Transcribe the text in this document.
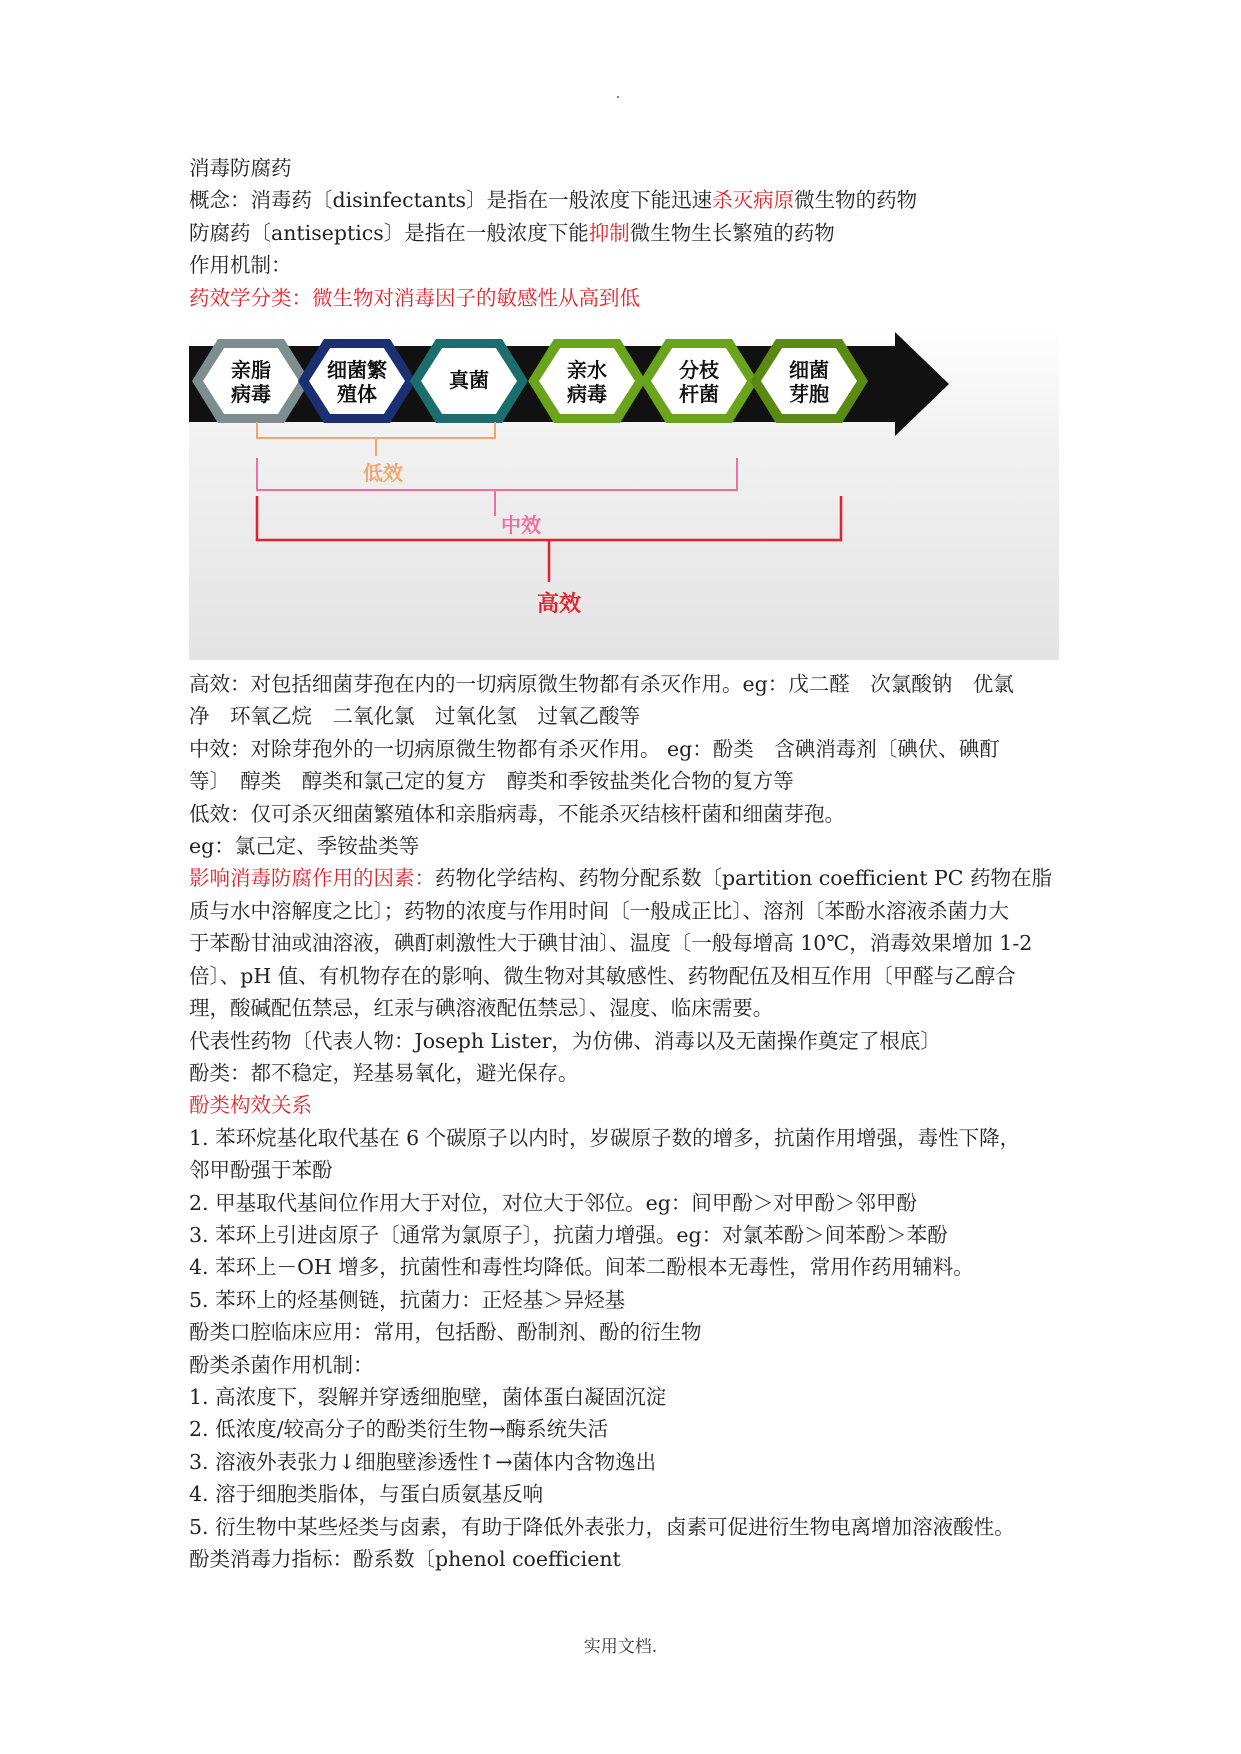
消毒防腐药
概念：消毒药〔disinfectants〕是指在一般浓度下能迅速杀灭病原微生物的药物
防腐药〔antiseptics〕是指在一般浓度下能抑制微生物生长繁殖的药物
作用机制：
药效学分类：微生物对消毒因子的敏感性从高到低
亲脂
病毒
细菌繁
殖体
真菌	亲水
病毒
分枝
杆菌
细菌
芽胞
低效
中效
高效
高效：对包括细菌芽孢在内的一切病原微生物都有杀灭作用。eg：戊二醛　次氯酸钠　优氯
净　环氧乙烷　二氧化氯　过氧化氢　过氧乙酸等
中效：对除芽孢外的一切病原微生物都有杀灭作用。 eg：酚类　含碘消毒剂〔碘伏、碘酊
等〕　醇类　醇类和氯己定的复方　醇类和季铵盐类化合物的复方等
低效：仅可杀灭细菌繁殖体和亲脂病毒，不能杀灭结核杆菌和细菌芽孢。
eg：氯己定、季铵盐类等
影响消毒防腐作用的因素：药物化学结构、药物分配系数〔partition coefficient PC 药物在脂
质与水中溶解度之比〕；药物的浓度与作用时间〔一般成正比〕、溶剂〔苯酚水溶液杀菌力大
于苯酚甘油或油溶液，碘酊刺激性大于碘甘油〕、温度〔一般每增高 10℃，消毒效果增加 1-2
倍〕、pH 值、有机物存在的影响、微生物对其敏感性、药物配伍及相互作用〔甲醛与乙醇合
理，酸碱配伍禁忌，红汞与碘溶液配伍禁忌〕、湿度、临床需要。
代表性药物〔代表人物：Joseph Lister，为仿佛、消毒以及无菌操作奠定了根底〕
酚类：都不稳定，羟基易氧化，避光保存。
酚类构效关系
1. 苯环烷基化取代基在 6 个碳原子以内时，岁碳原子数的增多，抗菌作用增强，毒性下降，
邻甲酚强于苯酚
2. 甲基取代基间位作用大于对位，对位大于邻位。eg：间甲酚＞对甲酚＞邻甲酚
3. 苯环上引进卤原子〔通常为氯原子〕，抗菌力增强。eg：对氯苯酚＞间苯酚＞苯酚
4. 苯环上－OH 增多，抗菌性和毒性均降低。间苯二酚根本无毒性，常用作药用辅料。
5. 苯环上的烃基侧链，抗菌力：正烃基＞异烃基
酚类口腔临床应用：常用，包括酚、酚制剂、酚的衍生物
酚类杀菌作用机制：
1. 高浓度下，裂解并穿透细胞壁，菌体蛋白凝固沉淀
2. 低浓度/较高分子的酚类衍生物→酶系统失活
3. 溶液外表张力↓细胞壁渗透性↑→菌体内含物逸出
4. 溶于细胞类脂体，与蛋白质氨基反响
5. 衍生物中某些烃类与卤素，有助于降低外表张力，卤素可促进衍生物电离增加溶液酸性。
酚类消毒力指标：酚系数〔phenol coefficient
实用文档.
